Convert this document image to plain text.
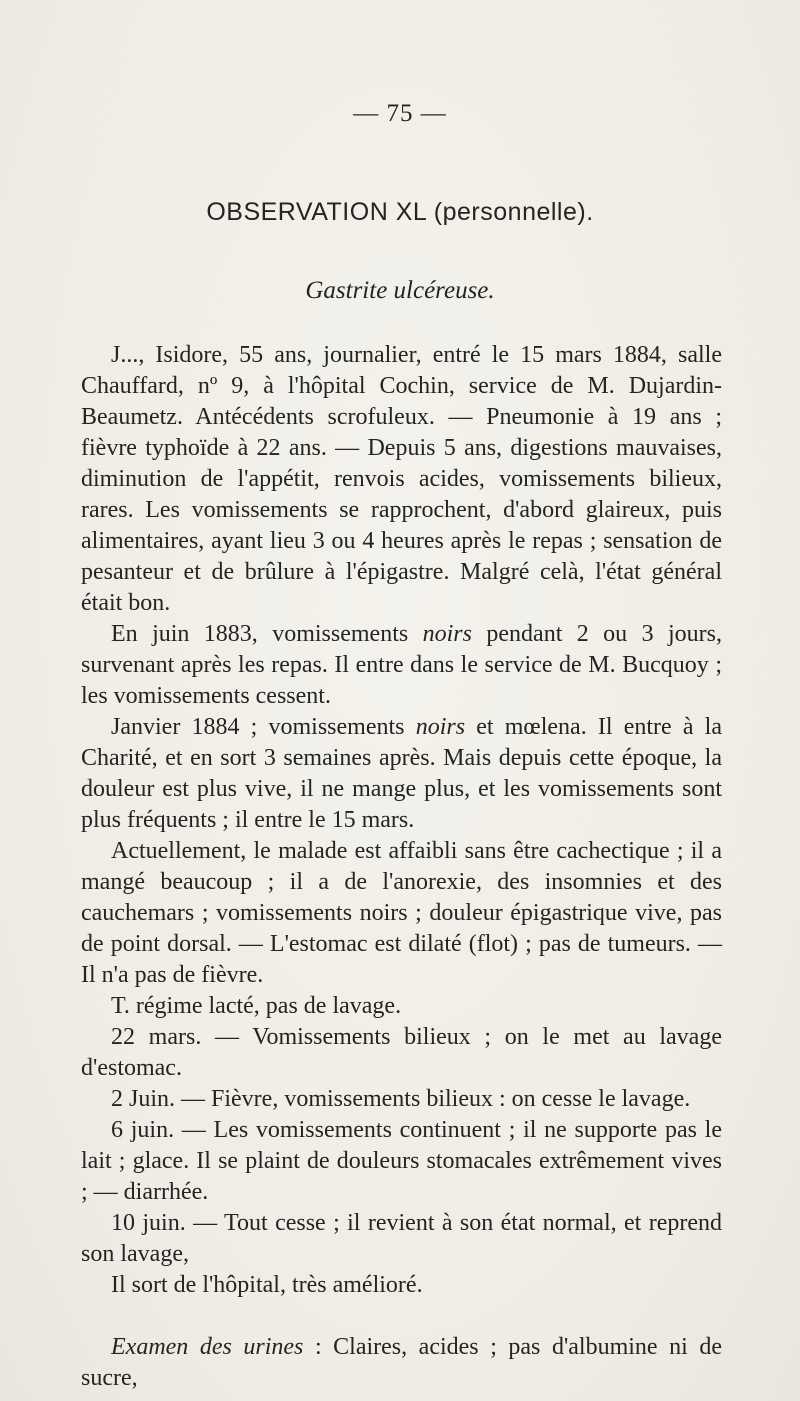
— 75 —
OBSERVATION XL (personnelle).
Gastrite ulcéreuse.

J..., Isidore, 55 ans, journalier, entré le 15 mars 1884, salle Chauffard, nº 9, à l'hôpital Cochin, service de M. Dujardin-Beaumetz. Antécédents scrofuleux. — Pneumonie à 19 ans ; fièvre typhoïde à 22 ans. — Depuis 5 ans, digestions mauvaises, diminution de l'appétit, renvois acides, vomissements bilieux, rares. Les vomissements se rapprochent, d'abord glaireux, puis alimentaires, ayant lieu 3 ou 4 heures après le repas ; sensation de pesanteur et de brûlure à l'épigastre. Malgré celà, l'état général était bon.

En juin 1883, vomissements noirs pendant 2 ou 3 jours, survenant après les repas. Il entre dans le service de M. Bucquoy ; les vomissements cessent.

Janvier 1884 ; vomissements noirs et mœlena. Il entre à la Charité, et en sort 3 semaines après. Mais depuis cette époque, la douleur est plus vive, il ne mange plus, et les vomissements sont plus fréquents ; il entre le 15 mars.

Actuellement, le malade est affaibli sans être cachectique ; il a mangé beaucoup ; il a de l'anorexie, des insomnies et des cauchemars ; vomissements noirs ; douleur épigastrique vive, pas de point dorsal. — L'estomac est dilaté (flot) ; pas de tumeurs. — Il n'a pas de fièvre.

T. régime lacté, pas de lavage.

22 mars. — Vomissements bilieux ; on le met au lavage d'estomac.

2 Juin. — Fièvre, vomissements bilieux : on cesse le lavage.

6 juin. — Les vomissements continuent ; il ne supporte pas le lait ; glace. Il se plaint de douleurs stomacales extrêmement vives ; — diarrhée.

10 juin. — Tout cesse ; il revient à son état normal, et reprend son lavage,

Il sort de l'hôpital, très amélioré.

Examen des urines : Claires, acides ; pas d'albumine ni de sucre,
